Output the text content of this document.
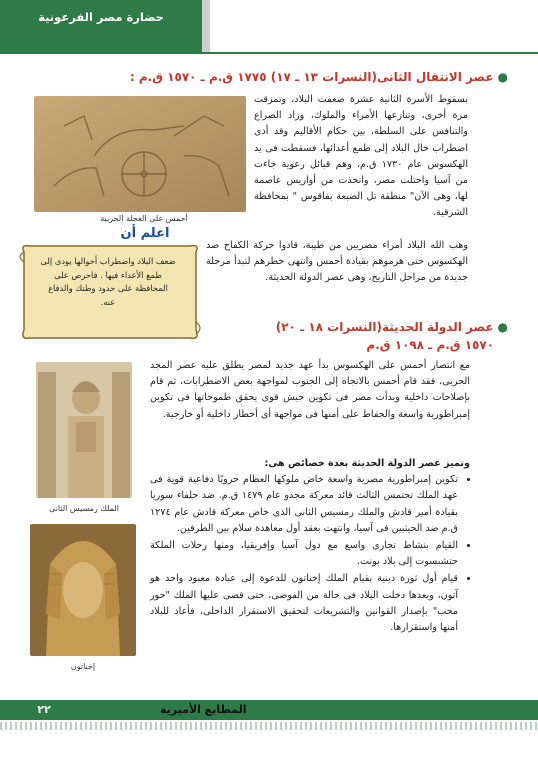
حضارة مصر الفرعونية
●عصر الانتقال الثانى(النسرات ١٣ ـ ١٧) ١٧٧٥ ق.م ـ ١٥٧٠ ق.م :
أحمس على العجلة الحربية

بسقوط الأسرة الثانية عشرة ضعفت البلاد، وتمزقت مرة أخرى، وتنازعها الأمراء والملوك، وزاد الصراع والتنافس على السلطة، بين حكام الأقاليم وقد أدى اضطراب حال البلاد إلى طمع أعدائها، فسقطت فى يد الهكسوس عام ١٧٣٠ ق.م، وهم قبائل رعوية جاءت من آسيا واحتلت مصر، واتخذت من أواريس عاصمة لها، وهى الآن" منطقة تل الضبعة بفاقوس " بمحافظة الشرقية.

اعلم أن
ضعف البلاد واضطراب أحوالها يودى إلى طمع الأعداء فيها . فاحرص على المحافظة على حدود وطنك والدفاع عنه.

وهب الله البلاد أمراء مصريين من طيبة، قادوا حركة الكفاح ضد الهكسوس حتى هزموهم بقيادة أحمس وانتهى خطرهم لتبدأ مرحلة جديدة من مراحل التاريخ، وهى عصر الدولة الحديثة.

●عصر الدولة الحديثة(النسرات ١٨ ـ ٢٠)
١٥٧٠ ق.م ـ ١٠٩٨ ق.م
الملك رمسيس الثانى
إخناتون

مع انتصار أحمس على الهكسوس بدأ عهد جديد لمصر يطلق عليه عصر المجد الحربى، فقد قام أحمس بالاتجاه إلى الجنوب لمواجهة بعض الاضطرابات، ثم قام بإصلاحات داخلية وبدأت مصر فى تكوين جيش قوى يحقق طموحاتها فى تكوين إمبراطورية واسعة والحفاظ على أمنها فى مواجهة أى أخطار داخلية أو خارجية.

وتميز عصر الدولة الحديثة بعدة خصائص هى:

• تكوين إمبراطورية مصرية واسعة خاض ملوكها العظام حروبًا دفاعية قوية فى عهد الملك تحتمس الثالث قائد معركة مجدو عام ١٤٧٩ ق.م. ضد حلفاء سوريا بقيادة أمير قادش والملك رمسيس الثانى الذى خاض معركة قادش عام ١٢٧٤ ق.م ضد الحيثيين فى آسيا، وانتهت بعقد أول معاهدة سلام بين الطرفين.
• القيام بنشاط تجارى واسع مع دول آسيا وإفريقيا، ومنها رحلات الملكة حتشبسوت إلى بلاد بونت.
• قيام أول ثورة دينية بقيام الملك إخناتون للدعوة إلى عبادة معبود واحد هو آتون، وبعدها دخلت البلاد فى حالة من الفوضى، حتى قضى عليها الملك "حور محب" بإصدار القوانين والتشريعات لتحقيق الاستقرار الداخلى، فأعاد للبلاد أمنها واستقرارها.
٢٢	المطابع الأميرية
